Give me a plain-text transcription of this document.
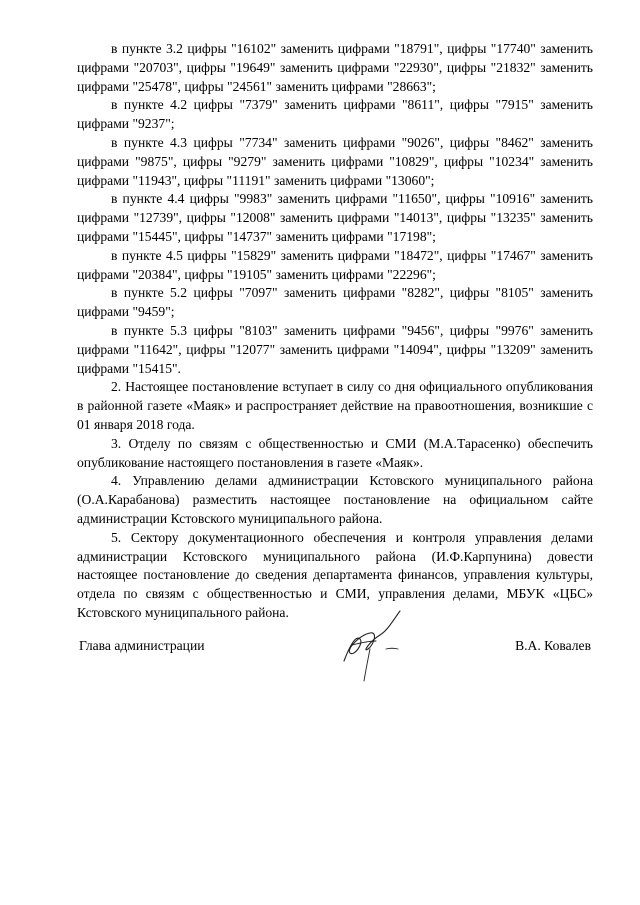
в пункте 3.2 цифры "16102" заменить цифрами "18791", цифры "17740" заменить цифрами "20703", цифры "19649" заменить цифрами "22930", цифры "21832" заменить цифрами "25478", цифры "24561" заменить цифрами "28663";

в пункте 4.2 цифры "7379" заменить цифрами "8611", цифры "7915" заменить цифрами "9237";

в пункте 4.3 цифры "7734" заменить цифрами "9026", цифры "8462" заменить цифрами "9875", цифры "9279" заменить цифрами "10829", цифры "10234" заменить цифрами "11943", цифры "11191" заменить цифрами "13060";

в пункте 4.4 цифры "9983" заменить цифрами "11650", цифры "10916" заменить цифрами "12739", цифры "12008" заменить цифрами "14013", цифры "13235" заменить цифрами "15445", цифры "14737" заменить цифрами "17198";

в пункте 4.5 цифры "15829" заменить цифрами "18472", цифры "17467" заменить цифрами "20384", цифры "19105" заменить цифрами "22296";

в пункте 5.2 цифры "7097" заменить цифрами "8282", цифры "8105" заменить цифрами "9459";

в пункте 5.3 цифры "8103" заменить цифрами "9456", цифры "9976" заменить цифрами "11642", цифры "12077" заменить цифрами "14094", цифры "13209" заменить цифрами "15415".

2. Настоящее постановление вступает в силу со дня официального опубликования в районной газете «Маяк» и распространяет действие на правоотношения, возникшие с 01 января 2018 года.

3. Отделу по связям с общественностью и СМИ (М.А.Тарасенко) обеспечить опубликование настоящего постановления в газете «Маяк».

4. Управлению делами администрации Кстовского муниципального района (О.А.Карабанова) разместить настоящее постановление на официальном сайте администрации Кстовского муниципального района.

5. Сектору документационного обеспечения и контроля управления делами администрации Кстовского муниципального района (И.Ф.Карпунина) довести настоящее постановление до сведения департамента финансов, управления культуры, отдела по связям с общественностью и СМИ, управления делами, МБУК «ЦБС» Кстовского муниципального района.

Глава администрации	В.А. Ковалев
